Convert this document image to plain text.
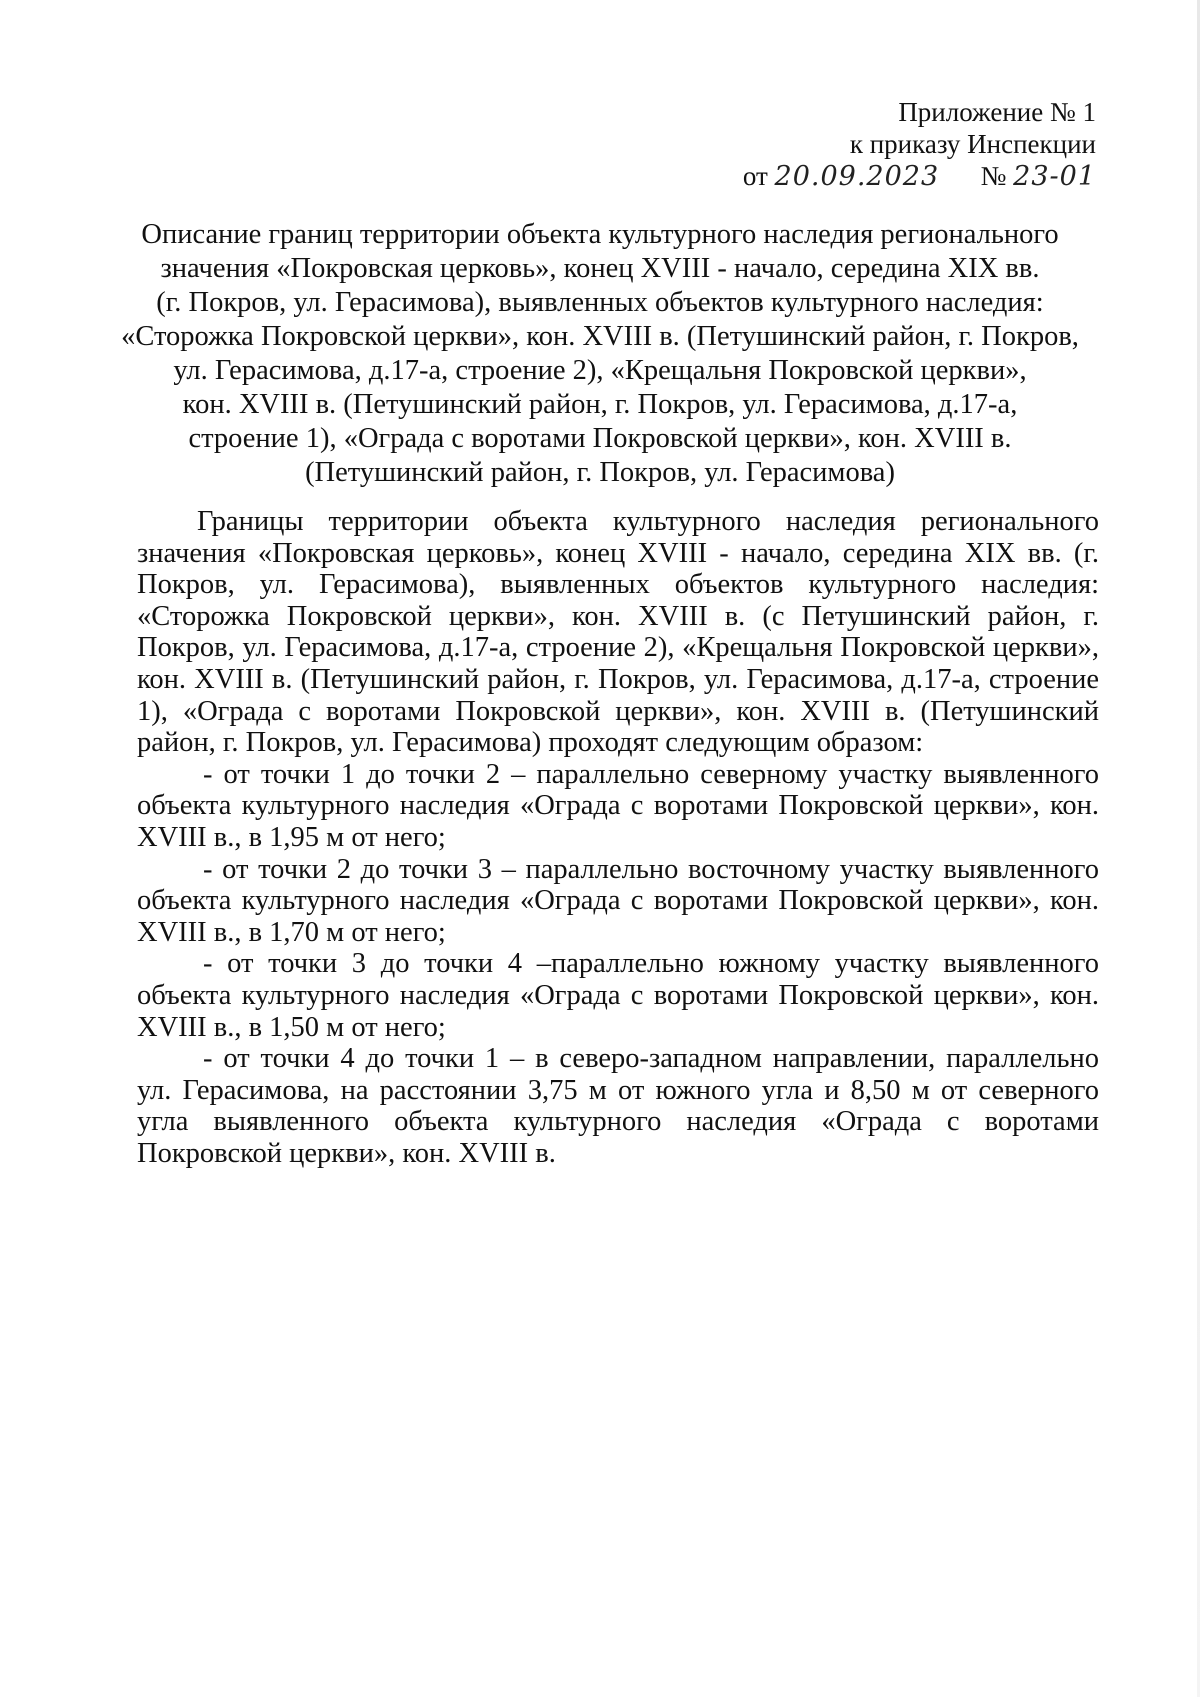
Приложение № 1
к приказу Инспекции
от 20.09.2023 № 23-01
Описание границ территории объекта культурного наследия регионального
значения «Покровская церковь», конец XVIII - начало, середина XIX вв.
(г. Покров, ул. Герасимова), выявленных объектов культурного наследия:
«Сторожка Покровской церкви», кон. XVIII в. (Петушинский район, г. Покров,
ул. Герасимова, д.17-а, строение 2), «Крещальня Покровской церкви»,
кон. XVIII в. (Петушинский район, г. Покров, ул. Герасимова, д.17-а,
строение 1), «Ограда с воротами Покровской церкви», кон. XVIII в.
(Петушинский район, г. Покров, ул. Герасимова)

Границы территории объекта культурного наследия регионального значения «Покровская церковь», конец XVIII - начало, середина XIX вв. (г. Покров, ул. Герасимова), выявленных объектов культурного наследия: «Сторожка Покровской церкви», кон. XVIII в. (с Петушинский район, г. Покров, ул. Герасимова, д.17-а, строение 2), «Крещальня Покровской церкви», кон. XVIII в. (Петушинский район, г. Покров, ул. Герасимова, д.17-а, строение 1), «Ограда с воротами Покровской церкви», кон. XVIII в. (Петушинский район, г. Покров, ул. Герасимова) проходят следующим образом:

- от точки 1 до точки 2 – параллельно северному участку выявленного объекта культурного наследия «Ограда с воротами Покровской церкви», кон. XVIII в., в 1,95 м от него;

- от точки 2 до точки 3 – параллельно восточному участку выявленного объекта культурного наследия «Ограда с воротами Покровской церкви», кон. XVIII в., в 1,70 м от него;

- от точки 3 до точки 4 –параллельно южному участку выявленного объекта культурного наследия «Ограда с воротами Покровской церкви», кон. XVIII в., в 1,50 м от него;

- от точки 4 до точки 1 – в северо-западном направлении, параллельно ул. Герасимова, на расстоянии 3,75 м от южного угла и 8,50 м от северного угла выявленного объекта культурного наследия «Ограда с воротами Покровской церкви», кон. XVIII в.
